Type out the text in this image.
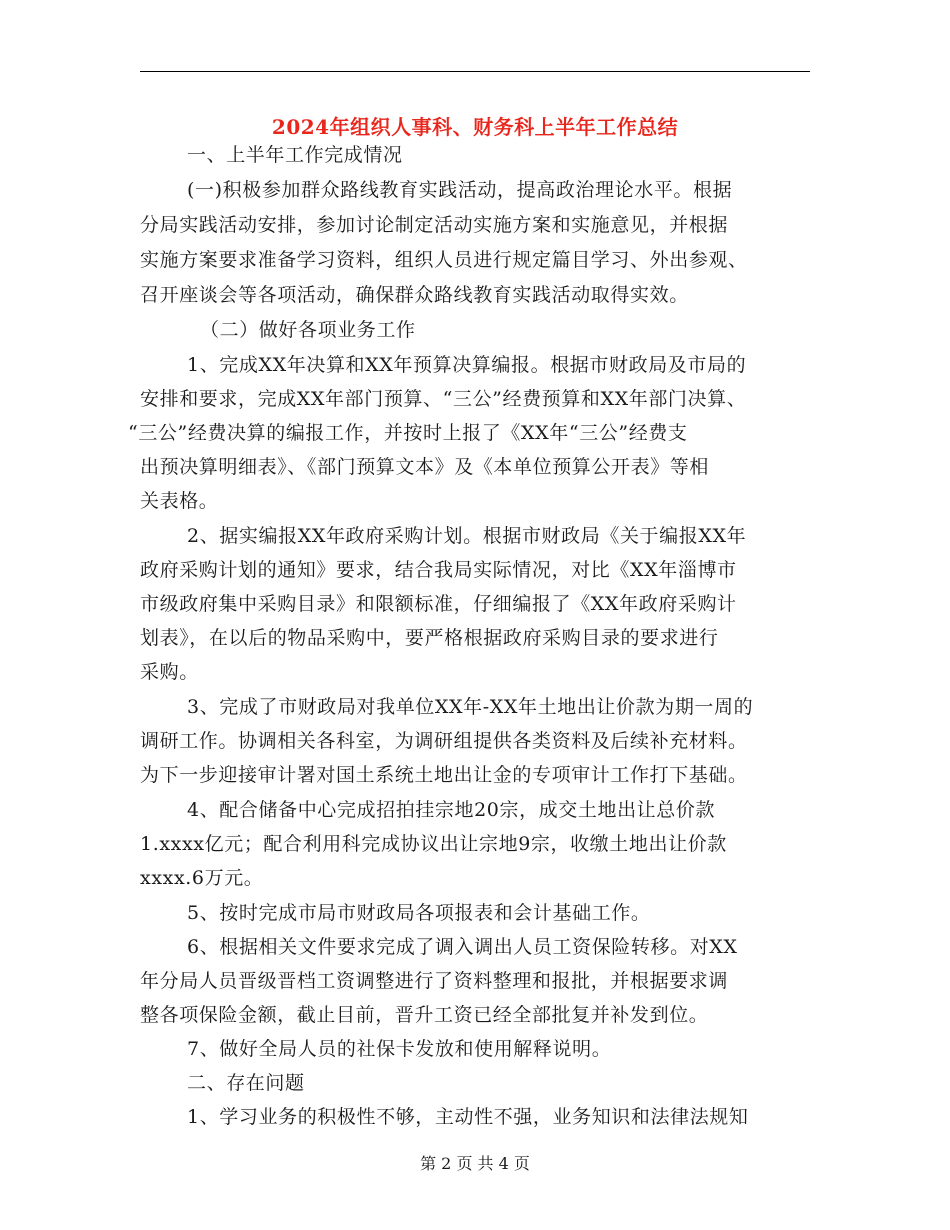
2024年组织人事科、财务科上半年工作总结
一、上半年工作完成情况
(一)积极参加群众路线教育实践活动，提高政治理论水平。根据
分局实践活动安排，参加讨论制定活动实施方案和实施意见，并根据
实施方案要求准备学习资料，组织人员进行规定篇目学习、外出参观、
召开座谈会等各项活动，确保群众路线教育实践活动取得实效。
（二）做好各项业务工作
1、完成XX年决算和XX年预算决算编报。根据市财政局及市局的
安排和要求，完成XX年部门预算、“三公”经费预算和XX年部门决算、
“三公”经费决算的编报工作，并按时上报了《XX年“三公”经费支
出预决算明细表》、《部门预算文本》及《本单位预算公开表》等相
关表格。
2、据实编报XX年政府采购计划。根据市财政局《关于编报XX年
政府采购计划的通知》要求，结合我局实际情况，对比《XX年淄博市
市级政府集中采购目录》和限额标准，仔细编报了《XX年政府采购计
划表》，在以后的物品采购中，要严格根据政府采购目录的要求进行
采购。
3、完成了市财政局对我单位XX年-XX年土地出让价款为期一周的
调研工作。协调相关各科室，为调研组提供各类资料及后续补充材料。
为下一步迎接审计署对国土系统土地出让金的专项审计工作打下基础。
4、配合储备中心完成招拍挂宗地20宗，成交土地出让总价款
1.xxxx亿元；配合利用科完成协议出让宗地9宗，收缴土地出让价款
xxxx.6万元。
5、按时完成市局市财政局各项报表和会计基础工作。
6、根据相关文件要求完成了调入调出人员工资保险转移。对XX
年分局人员晋级晋档工资调整进行了资料整理和报批，并根据要求调
整各项保险金额，截止目前，晋升工资已经全部批复并补发到位。
7、做好全局人员的社保卡发放和使用解释说明。
二、存在问题
1、学习业务的积极性不够，主动性不强，业务知识和法律法规知
第 2 页 共 4 页
